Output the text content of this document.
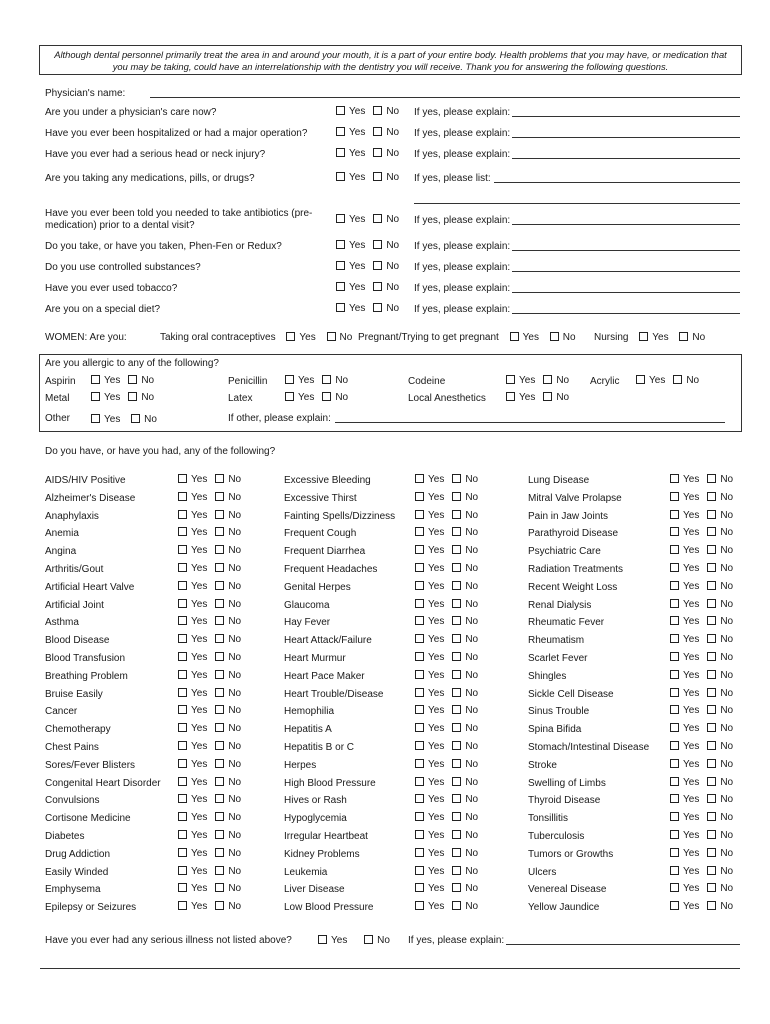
Although dental personnel primarily treat the area in and around your mouth, it is a part of your entire body. Health problems that you may have, or medication that you may be taking, could have an interrelationship with the dentistry you will receive. Thank you for answering the following questions.
Physician's name:
Are you under a physician's care now?	Yes No If yes, please explain:
Have you ever been hospitalized or had a major operation?	Yes No If yes, please explain:
Have you ever had a serious head or neck injury?	Yes No If yes, please explain:
Are you taking any medications, pills, or drugs?	Yes No If yes, please list:
Have you ever been told you needed to take antibiotics (pre-medication) prior to a dental visit?
Yes No If yes, please explain:
Do you take, or have you taken, Phen-Fen or Redux?	Yes No If yes, please explain:
Do you use controlled substances?	Yes No If yes, please explain:
Have you ever used tobacco?	Yes No If yes, please explain:
Are you on a special diet?	Yes No If yes, please explain:
WOMEN: Are you:	Taking oral contraceptives Yes No Pregnant/Trying to get pregnant Yes No Nursing Yes No
Are you allergic to any of the following?
Aspirin	Yes No
Metal	Yes No
Penicillin	Yes No
Latex	Yes No
Codeine	Yes No
Local Anesthetics	Yes No
Acrylic	Yes No
Other	Yes No	If other, please explain:
Do you have, or have you had, any of the following?
AIDS/HIV Positive	Yes No
Alzheimer's Disease	Yes No
Anaphylaxis	Yes No
Anemia	Yes No
Angina	Yes No
Arthritis/Gout	Yes No
Artificial Heart Valve	Yes No
Artificial Joint	Yes No
Asthma	Yes No
Blood Disease	Yes No
Blood Transfusion	Yes No
Breathing Problem	Yes No
Bruise Easily	Yes No
Cancer	Yes No
Chemotherapy	Yes No
Chest Pains	Yes No
Sores/Fever Blisters	Yes No
Congenital Heart Disorder	Yes No
Convulsions	Yes No
Cortisone Medicine	Yes No
Diabetes	Yes No
Drug Addiction	Yes No
Easily Winded	Yes No
Emphysema	Yes No
Epilepsy or Seizures	Yes No
Excessive Bleeding	Yes No
Excessive Thirst	Yes No
Fainting Spells/Dizziness	Yes No
Frequent Cough	Yes No
Frequent Diarrhea	Yes No
Frequent Headaches	Yes No
Genital Herpes	Yes No
Glaucoma	Yes No
Hay Fever	Yes No
Heart Attack/Failure	Yes No
Heart Murmur	Yes No
Heart Pace Maker	Yes No
Heart Trouble/Disease	Yes No
Hemophilia	Yes No
Hepatitis A	Yes No
Hepatitis B or C	Yes No
Herpes	Yes No
High Blood Pressure	Yes No
Hives or Rash	Yes No
Hypoglycemia	Yes No
Irregular Heartbeat	Yes No
Kidney Problems	Yes No
Leukemia	Yes No
Liver Disease	Yes No
Low Blood Pressure	Yes No
Lung Disease	Yes No
Mitral Valve Prolapse	Yes No
Pain in Jaw Joints	Yes No
Parathyroid Disease	Yes No
Psychiatric Care	Yes No
Radiation Treatments	Yes No
Recent Weight Loss	Yes No
Renal Dialysis	Yes No
Rheumatic Fever	Yes No
Rheumatism	Yes No
Scarlet Fever	Yes No
Shingles	Yes No
Sickle Cell Disease	Yes No
Sinus Trouble	Yes No
Spina Bifida	Yes No
Stomach/Intestinal Disease	Yes No
Stroke	Yes No
Swelling of Limbs	Yes No
Thyroid Disease	Yes No
Tonsillitis	Yes No
Tuberculosis	Yes No
Tumors or Growths	Yes No
Ulcers	Yes No
Venereal Disease	Yes No
Yellow Jaundice	Yes No
Have you ever had any serious illness not listed above?	Yes	No If yes, please explain:
